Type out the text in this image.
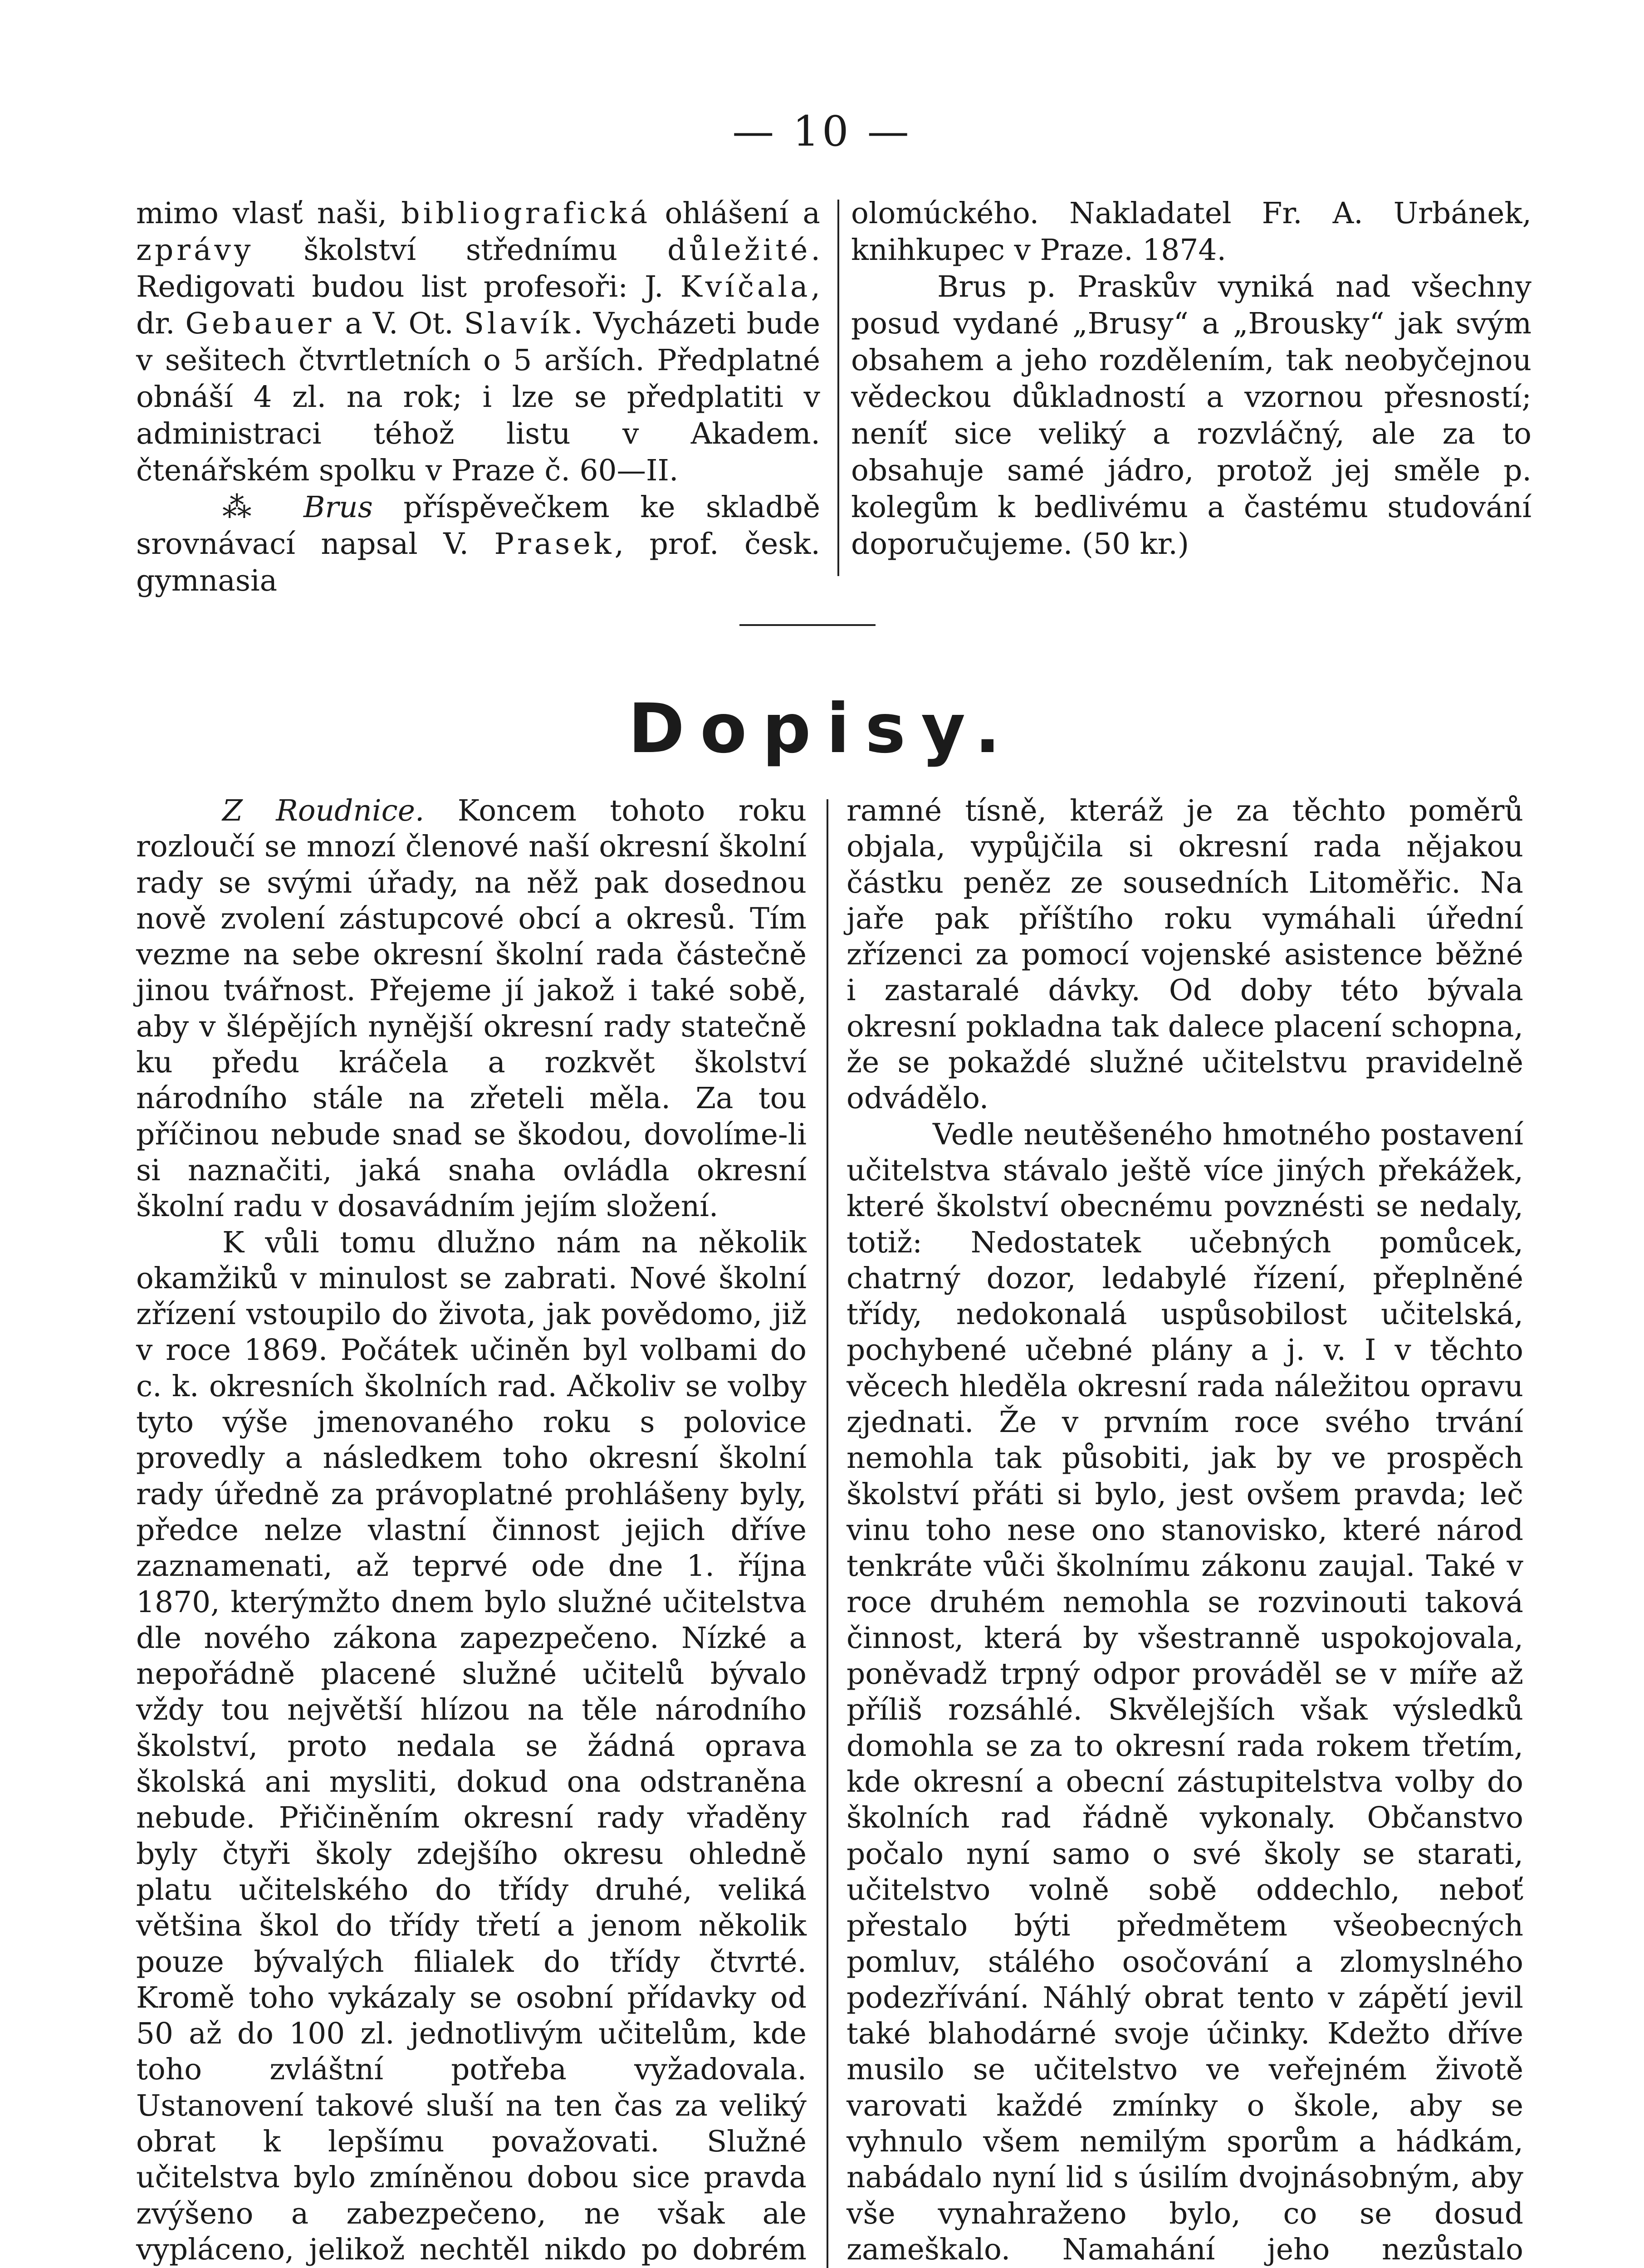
— 10 —

mimo vlasť naši, bibliografická ohlášení a zprávy školství střednímu důležité. Redigovati budou list profesoři: J. Kvíčala, dr. Gebauer a V. Ot. Slavík. Vycházeti bude v sešitech čtvrtletních o 5 arších. Předplatné obnáší 4 zl. na rok; i lze se předplatiti v administraci téhož listu v Akadem. čtenářském spolku v Praze č. 60—II.

⁂ Brus příspěvečkem ke skladbě srovnávací napsal V. Prasek, prof. česk. gymnasia

olomúckého. Nakladatel Fr. A. Urbánek, knihkupec v Praze. 1874.

Brus p. Praskův vyniká nad všechny posud vydané „Brusy“ a „Brousky“ jak svým obsahem a jeho rozdělením, tak neobyčejnou vědeckou důkladností a vzornou přesností; neníť sice veliký a rozvláčný, ale za to obsahuje samé jádro, protož jej směle p. kolegům k bedlivému a častému studování doporučujeme. (50 kr.)

Dopisy.

Z Roudnice. Koncem tohoto roku rozloučí se mnozí členové naší okresní školní rady se svými úřady, na něž pak dosednou nově zvolení zástupcové obcí a okresů. Tím vezme na sebe okresní školní rada částečně jinou tvářnost. Přejeme jí jakož i také sobě, aby v šlépějích nynější okresní rady statečně ku předu kráčela a rozkvět školství národního stále na zřeteli měla. Za tou příčinou nebude snad se škodou, dovolíme-li si naznačiti, jaká snaha ovládla okresní školní radu v dosavádním jejím složení.

K vůli tomu dlužno nám na několik okamžiků v minulost se zabrati. Nové školní zřízení vstoupilo do života, jak povědomo, již v roce 1869. Počátek učiněn byl volbami do c. k. okresních školních rad. Ačkoliv se volby tyto výše jmenovaného roku s polovice provedly a následkem toho okresní školní rady úředně za právoplatné prohlášeny byly, předce nelze vlastní činnost jejich dříve zaznamenati, až teprvé ode dne 1. října 1870, kterýmžto dnem bylo služné učitelstva dle nového zákona zapezpečeno. Nízké a nepořádně placené služné učitelů bývalo vždy tou největší hlízou na těle národního školství, proto nedala se žádná oprava školská ani mysliti, dokud ona odstraněna nebude. Přičiněním okresní rady vřaděny byly čtyři školy zdejšího okresu ohledně platu učitelského do třídy druhé, veliká většina škol do třídy třetí a jenom několik pouze bývalých filialek do třídy čtvrté. Kromě toho vykázaly se osobní přídavky od 50 až do 100 zl. jednotlivým učitelům, kde toho zvláštní potřeba vyžadovala. Ustanovení takové sluší na ten čas za veliký obrat k lepšímu považovati. Služné učitelstva bylo zmíněnou dobou sice pravda zvýšeno a zabezpečeno, ne však ale vypláceno, jelikož nechtěl nikdo po dobrém

ramné tísně, kteráž je za těchto poměrů objala, vypůjčila si okresní rada nějakou částku peněz ze sousedních Litoměřic. Na jaře pak příštího roku vymáhali úřední zřízenci za pomocí vojenské asistence běžné i zastaralé dávky. Od doby této bývala okresní pokladna tak dalece placení schopna, že se pokaždé služné učitelstvu pravidelně odvádělo.

Vedle neutěšeného hmotného postavení učitelstva stávalo ještě více jiných překážek, které školství obecnému povznésti se nedaly, totiž: Nedostatek učebných pomůcek, chatrný dozor, ledabylé řízení, přeplněné třídy, nedokonalá uspůsobilost učitelská, pochybené učebné plány a j. v. I v těchto věcech hleděla okresní rada náležitou opravu zjednati. Že v prvním roce svého trvání nemohla tak působiti, jak by ve prospěch školství přáti si bylo, jest ovšem pravda; leč vinu toho nese ono stanovisko, které národ tenkráte vůči školnímu zákonu zaujal. Také v roce druhém nemohla se rozvinouti taková činnost, která by všestranně uspokojovala, poněvadž trpný odpor prováděl se v míře až příliš rozsáhlé. Skvělejších však výsledků domohla se za to okresní rada rokem třetím, kde okresní a obecní zástupitelstva volby do školních rad řádně vykonaly. Občanstvo počalo nyní samo o své školy se starati, učitelstvo volně sobě oddechlo, neboť přestalo býti předmětem všeobecných pomluv, stálého osočování a zlomyslného podezřívání. Náhlý obrat tento v zápětí jevil také blahodárné svoje účinky. Kdežto dříve musilo se učitelstvo ve veřejném životě varovati každé zmínky o škole, aby se vyhnulo všem nemilým sporům a hádkám, nabádalo nyní lid s úsilím dvojnásobným, aby vše vynahraženo bylo, co se dosud zameškalo. Namahání jeho nezůstalo
